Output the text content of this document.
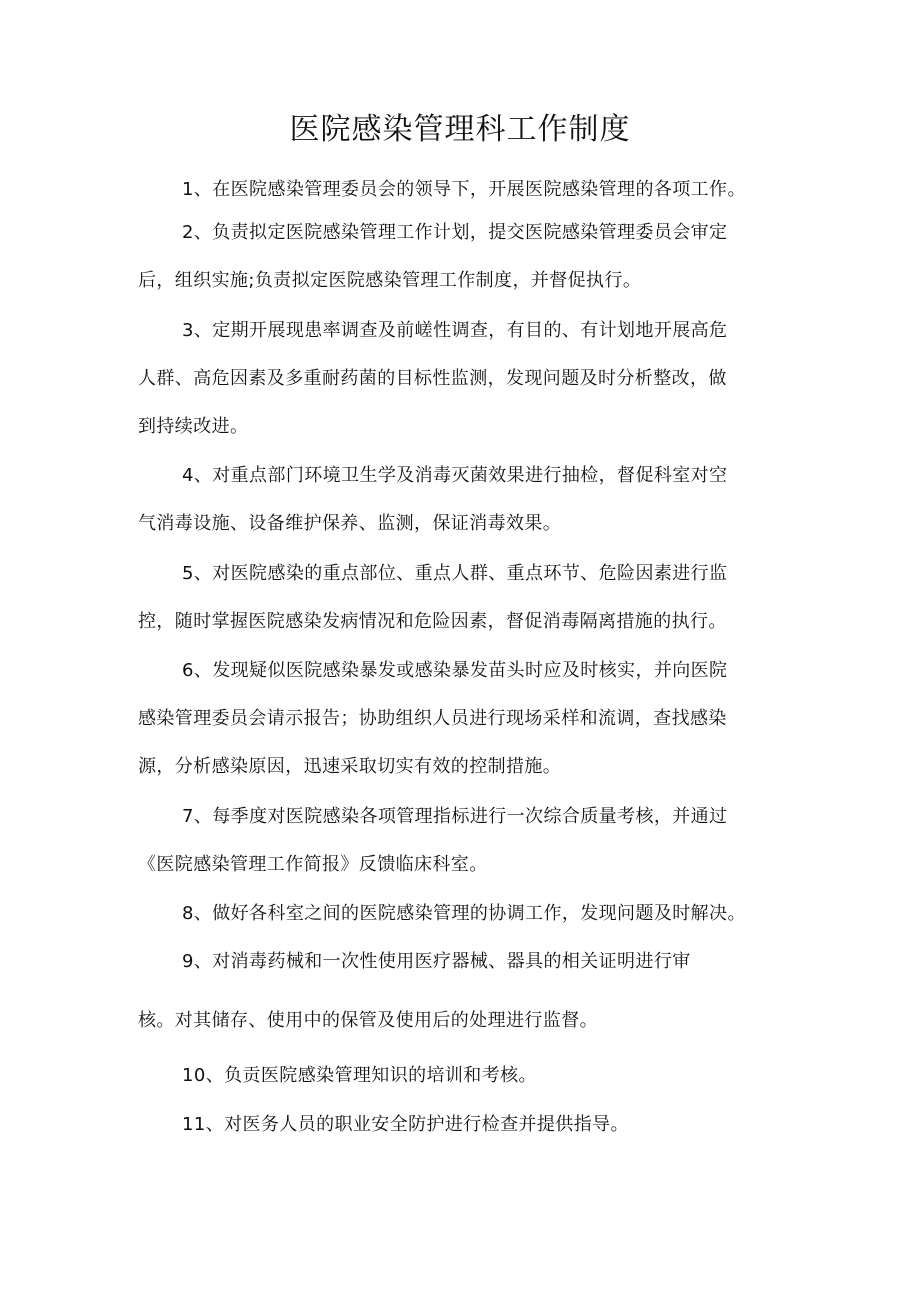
医院感染管理科工作制度
1、在医院感染管理委员会的领导下，开展医院感染管理的各项工作。
2、负责拟定医院感染管理工作计划，提交医院感染管理委员会审定
后，组织实施;负责拟定医院感染管理工作制度，并督促执行。
3、定期开展现患率调查及前嵯性调查，有目的、有计划地开展高危
人群、高危因素及多重耐药菌的目标性监测，发现问题及时分析整改，做
到持续改进。
4、对重点部门环境卫生学及消毒灭菌效果进行抽检，督促科室对空
气消毒设施、设备维护保养、监测，保证消毒效果。
5、对医院感染的重点部位、重点人群、重点环节、危险因素进行监
控，随时掌握医院感染发病情况和危险因素，督促消毒隔离措施的执行。
6、发现疑似医院感染暴发或感染暴发苗头时应及时核实，并向医院
感染管理委员会请示报告；协助组织人员进行现场采样和流调，查找感染
源，分析感染原因，迅速采取切实有效的控制措施。
7、每季度对医院感染各项管理指标进行一次综合质量考核，并通过
《医院感染管理工作简报》反馈临床科室。
8、做好各科室之间的医院感染管理的协调工作，发现问题及时解决。
9、对消毒药械和一次性使用医疗器械、器具的相关证明进行审
核。对其储存、使用中的保管及使用后的处理进行监督。
10、负贡医院感染管理知识的培训和考核。
11、对医务人员的职业安全防护进行检查并提供指导。
